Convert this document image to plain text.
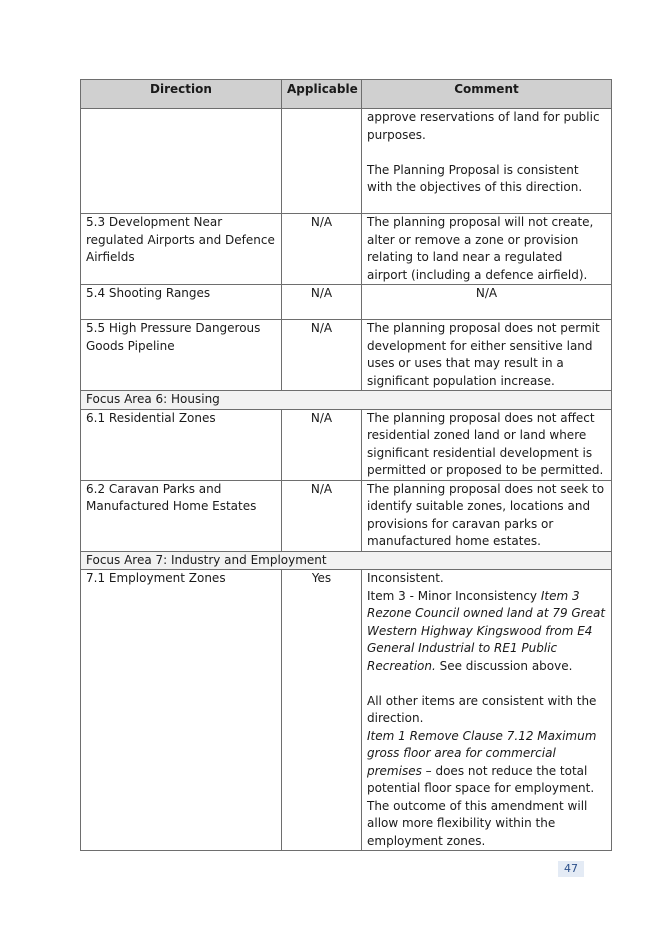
Direction	Applicable	Comment

		approve reservations of land for public purposes.

The Planning Proposal is consistent with the objectives of this direction.

5.3 Development Near regulated Airports and Defence Airfields	N/A	The planning proposal will not create, alter or remove a zone or provision relating to land near a regulated airport (including a defence airfield).
5.4 Shooting Ranges	N/A	N/A
5.5 High Pressure Dangerous Goods Pipeline	N/A	The planning proposal does not permit development for either sensitive land uses or uses that may result in a significant population increase.
Focus Area 6: Housing		
6.1 Residential Zones	N/A	The planning proposal does not affect residential zoned land or land where significant residential development is permitted or proposed to be permitted.
6.2 Caravan Parks and Manufactured Home Estates	N/A	The planning proposal does not seek to identify suitable zones, locations and provisions for caravan parks or manufactured home estates.
Focus Area 7: Industry and Employment		
7.1 Employment Zones	Yes	Inconsistent.

Item 3 - Minor Inconsistency Item 3 Rezone Council owned land at 79 Great Western Highway Kingswood from E4 General Industrial to RE1 Public Recreation. See discussion above.

All other items are consistent with the direction.

Item 1 Remove Clause 7.12 Maximum gross floor area for commercial premises – does not reduce the total potential floor space for employment. The outcome of this amendment will allow more flexibility within the employment zones.

47
